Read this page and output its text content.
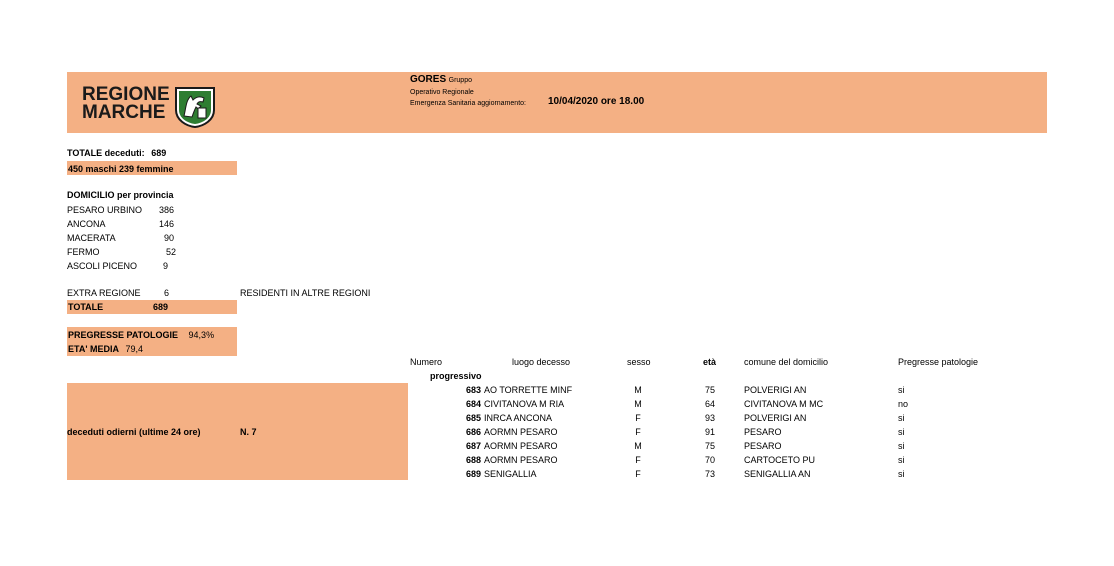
REGIONE
MARCHE
GORES Gruppo
Operativo Regionale
Emergenza Sanitaria aggiornamento: 10/04/2020 ore 18.00
TOTALE deceduti: 689
450 maschi 239 femmine
DOMICILIO per provincia
PESARO URBINO	386
ANCONA	146
MACERATA	90
FERMO	52
ASCOLI PICENO	9
EXTRA REGIONE	6	RESIDENTI IN ALTRE REGIONI
TOTALE	689
PREGRESSE PATOLOGIE 94,3%
ETA' MEDIA 79,4
deceduti odierni (ultime 24 ore)	N. 7
Numero
progressivo
luogo decesso	sesso	età	comune del domicilio	Pregresse patologie
683 AO TORRETTE MINF	M	75	POLVERIGI AN	si
684 CIVITANOVA M RIA	M	64	CIVITANOVA M MC	no
685 INRCA ANCONA	F	93	POLVERIGI AN	si
686 AORMN PESARO	F	91	PESARO	si
687 AORMN PESARO	M	75	PESARO	si
688 AORMN PESARO	F	70	CARTOCETO PU	si
689 SENIGALLIA	F	73	SENIGALLIA AN	si
